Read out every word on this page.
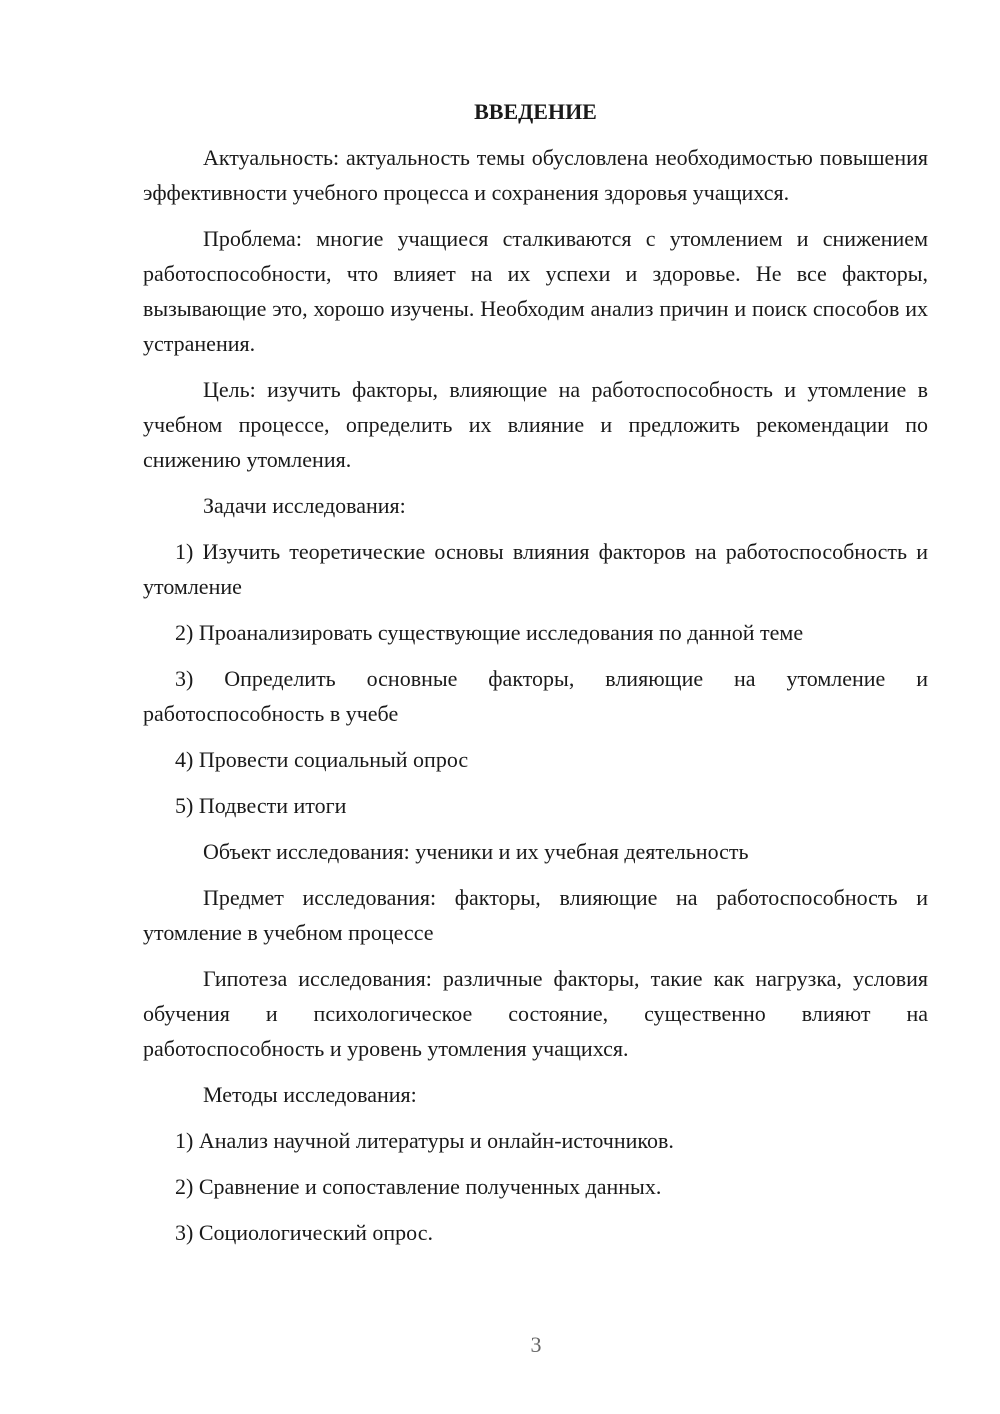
ВВЕДЕНИЕ
Актуальность: актуальность темы обусловлена необходимостью повышения эффективности учебного процесса и сохранения здоровья учащихся.
Проблема: многие учащиеся сталкиваются с утомлением и снижением работоспособности, что влияет на их успехи и здоровье. Не все факторы, вызывающие это, хорошо изучены. Необходим анализ причин и поиск способов их устранения.
Цель: изучить факторы, влияющие на работоспособность и утомление в учебном процессе, определить их влияние и предложить рекомендации по снижению утомления.
Задачи исследования:
1) Изучить теоретические основы влияния факторов на работоспособность и утомление
2) Проанализировать существующие исследования по данной теме
3) Определить основные факторы, влияющие на утомление и работоспособность в учебе
4) Провести социальный опрос
5) Подвести итоги
Объект исследования: ученики и их учебная деятельность
Предмет исследования: факторы, влияющие на работоспособность и утомление в учебном процессе
Гипотеза исследования: различные факторы, такие как нагрузка, условия обучения и психологическое состояние, существенно влияют на работоспособность и уровень утомления учащихся.
Методы исследования:
1) Анализ научной литературы и онлайн-источников.
2) Сравнение и сопоставление полученных данных.
3) Социологический опрос.
3
